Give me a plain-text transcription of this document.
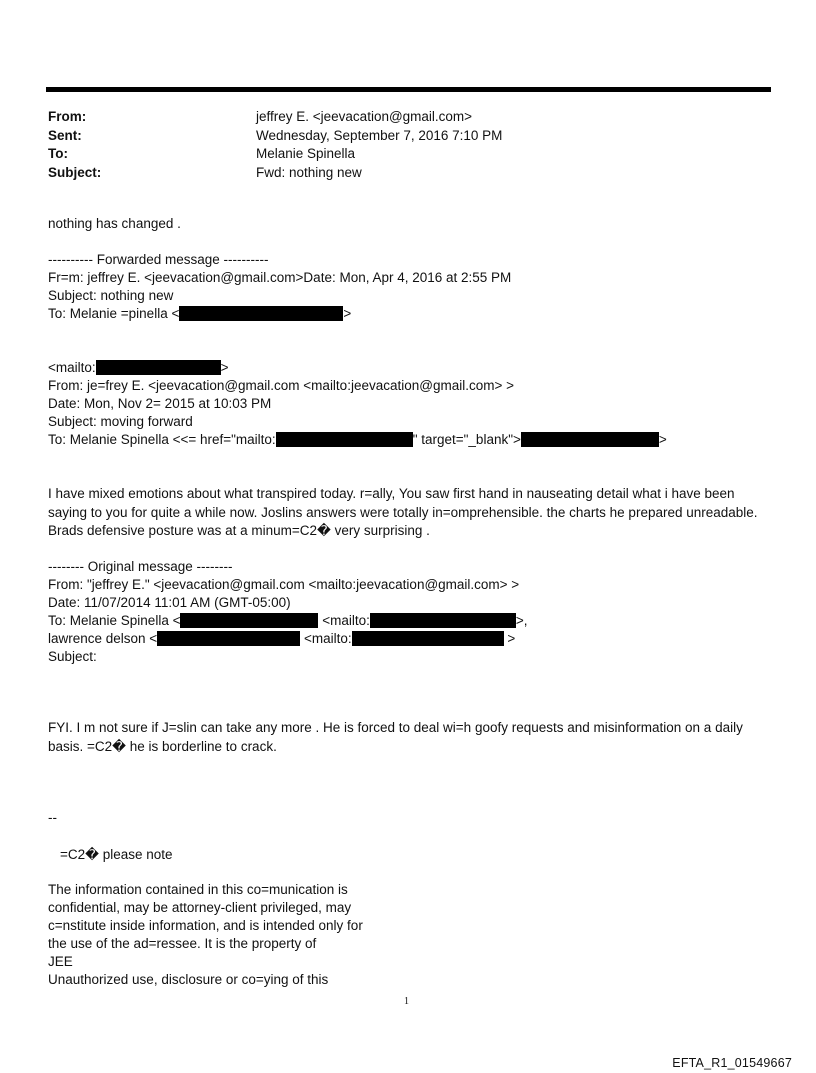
From:	jeffrey E. <jeevacation@gmail.com>
Sent:	Wednesday, September 7, 2016 7:10 PM
To:	Melanie Spinella
Subject:	Fwd: nothing new
nothing has changed .
---------- Forwarded message ----------
Fr=m: jeffrey E. <jeevacation@gmail.com>Date: Mon, Apr 4, 2016 at 2:55 PM
Subject: nothing new
To: Melanie =pinella <	>
<mailto:	>
From: je=frey E. <jeevacation@gmail.com <mailto:jeevacation@gmail.com> >
Date: Mon, Nov 2= 2015 at 10:03 PM
Subject: moving forward
To: Melanie Spinella <<= href="mailto:	" target="_blank">	>
I have mixed emotions about what transpired today. r=ally, You saw first hand in nauseating detail what i have been saying to you for quite a while now. Joslins answers were totally in=omprehensible. the charts he prepared unreadable. Brads defensive posture was at a minum=C2� very surprising .
-------- Original message --------
From: "jeffrey E." <jeevacation@gmail.com <mailto:jeevacation@gmail.com> >
Date: 11/07/2014 11:01 AM (GMT-05:00)
To: Melanie Spinella <	<mailto:	>,
lawrence delson <	<mailto:	>
Subject:
FYI. I m not sure if J=slin can take any more . He is forced to deal wi=h goofy requests and misinformation on a daily basis. =C2� he is borderline to crack.
--
=C2� please note
The information contained in this co=munication is
confidential, may be attorney-client privileged, may
c=nstitute inside information, and is intended only for
the use of the ad=ressee. It is the property of
JEE
Unauthorized use, disclosure or co=ying of this
1
EFTA_R1_01549667
